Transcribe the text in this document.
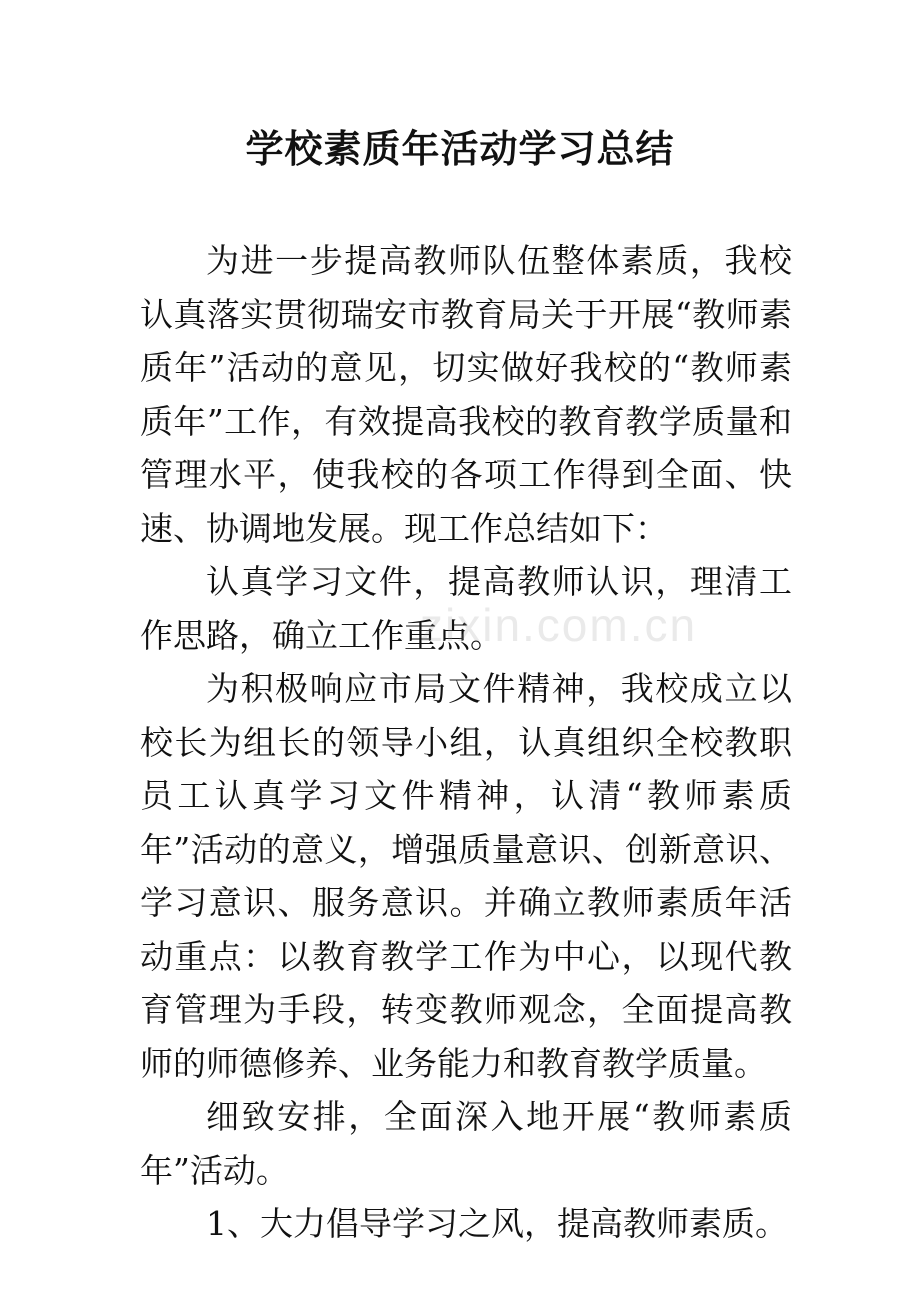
学校素质年活动学习总结

为进一步提高教师队伍整体素质，我校认真落实贯彻瑞安市教育局关于开展“教师素质年”活动的意见，切实做好我校的“教师素质年”工作，有效提高我校的教育教学质量和管理水平，使我校的各项工作得到全面、快速、协调地发展。现工作总结如下：

认真学习文件，提高教师认识，理清工作思路，确立工作重点。

为积极响应市局文件精神，我校成立以校长为组长的领导小组，认真组织全校教职员工认真学习文件精神，认清“教师素质年”活动的意义，增强质量意识、创新意识、学习意识、服务意识。并确立教师素质年活动重点：以教育教学工作为中心，以现代教育管理为手段，转变教师观念，全面提高教师的师德修养、业务能力和教育教学质量。

细致安排，全面深入地开展“教师素质年”活动。

1、大力倡导学习之风，提高教师素质。

zixin.com.cn
